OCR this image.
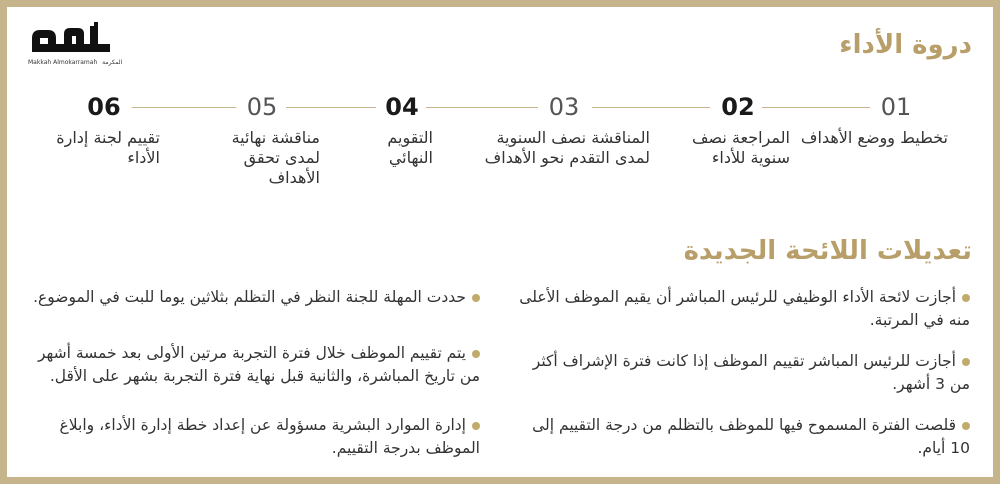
Makkah Almokarramah المكرمة
دروة الأداء
01
02
03
04
05
06
تخطيط ووضع الأهداف
المراجعة نصف سنوية للأداء
المناقشة نصف السنوية لمدى التقدم نحو الأهداف
التقويم النهائي
مناقشة نهائية لمدى تحقق الأهداف
تقييم لجنة إدارة الأداء
تعديلات اللائحة الجديدة
أجازت لائحة الأداء الوظيفي للرئيس المباشر أن يقيم الموظف الأعلى منه في المرتبة.
أجازت للرئيس المباشر تقييم الموظف إذا كانت فترة الإشراف أكثر من 3 أشهر.
قلصت الفترة المسموح فيها للموظف بالتظلم من درجة التقييم إلى 10 أيام.
حددت المهلة للجنة النظر في التظلم بثلاثين يوما للبت في الموضوع.
يتم تقييم الموظف خلال فترة التجربة مرتين الأولى بعد خمسة أشهر من تاريخ المباشرة، والثانية قبل نهاية فترة التجربة بشهر على الأقل.
إدارة الموارد البشرية مسؤولة عن إعداد خطة إدارة الأداء، وابلاغ الموظف بدرجة التقييم.
